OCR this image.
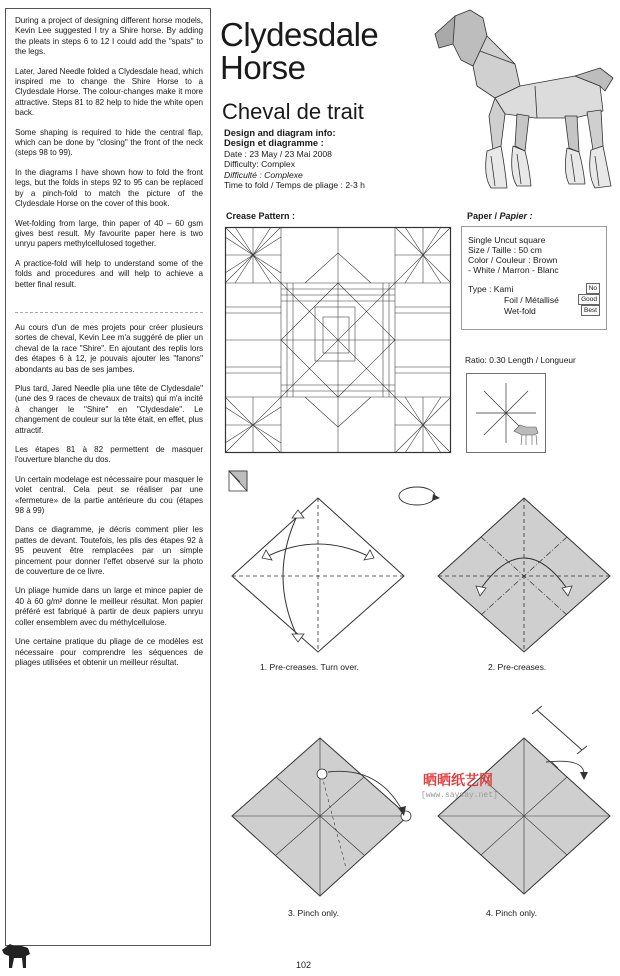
During a project of designing different horse models, Kevin Lee suggested I try a Shire horse. By adding the pleats in steps 6 to 12 I could add the "spats" to the legs.

Later, Jared Needle folded a Clydesdale head, which inspired me to change the Shire Horse to a Clydesdale Horse. The colour-changes make it more attractive. Steps 81 to 82 help to hide the white open back.

Some shaping is required to hide the central flap, which can be done by "closing" the front of the neck (steps 98 to 99).

In the diagrams I have shown how to fold the front legs, but the folds in steps 92 to 95 can be replaced by a pinch-fold to match the picture of the Clydesdale Horse on the cover of this book.

Wet-folding from large, thin paper of 40 – 60 gsm gives best result. My favourite paper here is two unryu papers methylcellulosed together.

A practice-fold will help to understand some of the folds and procedures and will help to achieve a better final result.

Au cours d'un de mes projets pour créer plusieurs sortes de cheval, Kevin Lee m'a suggéré de plier un cheval de la race "Shire". En ajoutant des replis lors des étapes 6 à 12, je pouvais ajouter les "fanons" abondants au bas de ses jambes.

Plus tard, Jared Needle plia une tête de Clydesdale" (une des 9 races de chevaux de traits) qui m'a incité à changer le "Shire" en "Clydesdale". Le changement de couleur sur la tête était, en effet, plus attractif.

Les étapes 81 à 82 permettent de masquer l'ouverture blanche du dos.

Un certain modelage est nécessaire pour masquer le volet central. Cela peut se réaliser par une «fermeture» de la partie antérieure du cou (étapes 98 à 99)

Dans ce diagramme, je décris comment plier les pattes de devant. Toutefois, les plis des étapes 92 à 95 peuvent être remplacées par un simple pincement pour donner l'effet observé sur la photo de couverture de ce livre.

Un pliage humide dans un large et mince papier de 40 à 60 g/m² donne le meilleur résultat. Mon papier préféré est fabriqué à partir de deux papiers unryu coller ensemblem avec du méthylcellulose.

Une certaine pratique du pliage de ce modèles est nécessaire pour comprendre les séquences de pliages utilisées et obtenir un meilleur résultat.

Clydesdale
Horse
Cheval de trait
Design and diagram info:
Design et diagramme :
Date : 23 May / 23 Mai 2008
Difficulty: Complex
Difficulté : Complexe
Time to fold / Temps de pliage : 2-3 h
Crease Pattern :	Paper / Papier :
Single Uncut square
Size / Taille : 50 cm
Color / Couleur : Brown
- White / Marron - Blanc
Type : Kami	No
Foil / Métallisé	Good
Wet-fold	Best
Ratio: 0.30 Length / Longueur
1. Pre-creases. Turn over.	2. Pre-creases.
3. Pinch only.	4. Pinch only.
晒晒纸艺网
[www.saysay.net]
102
